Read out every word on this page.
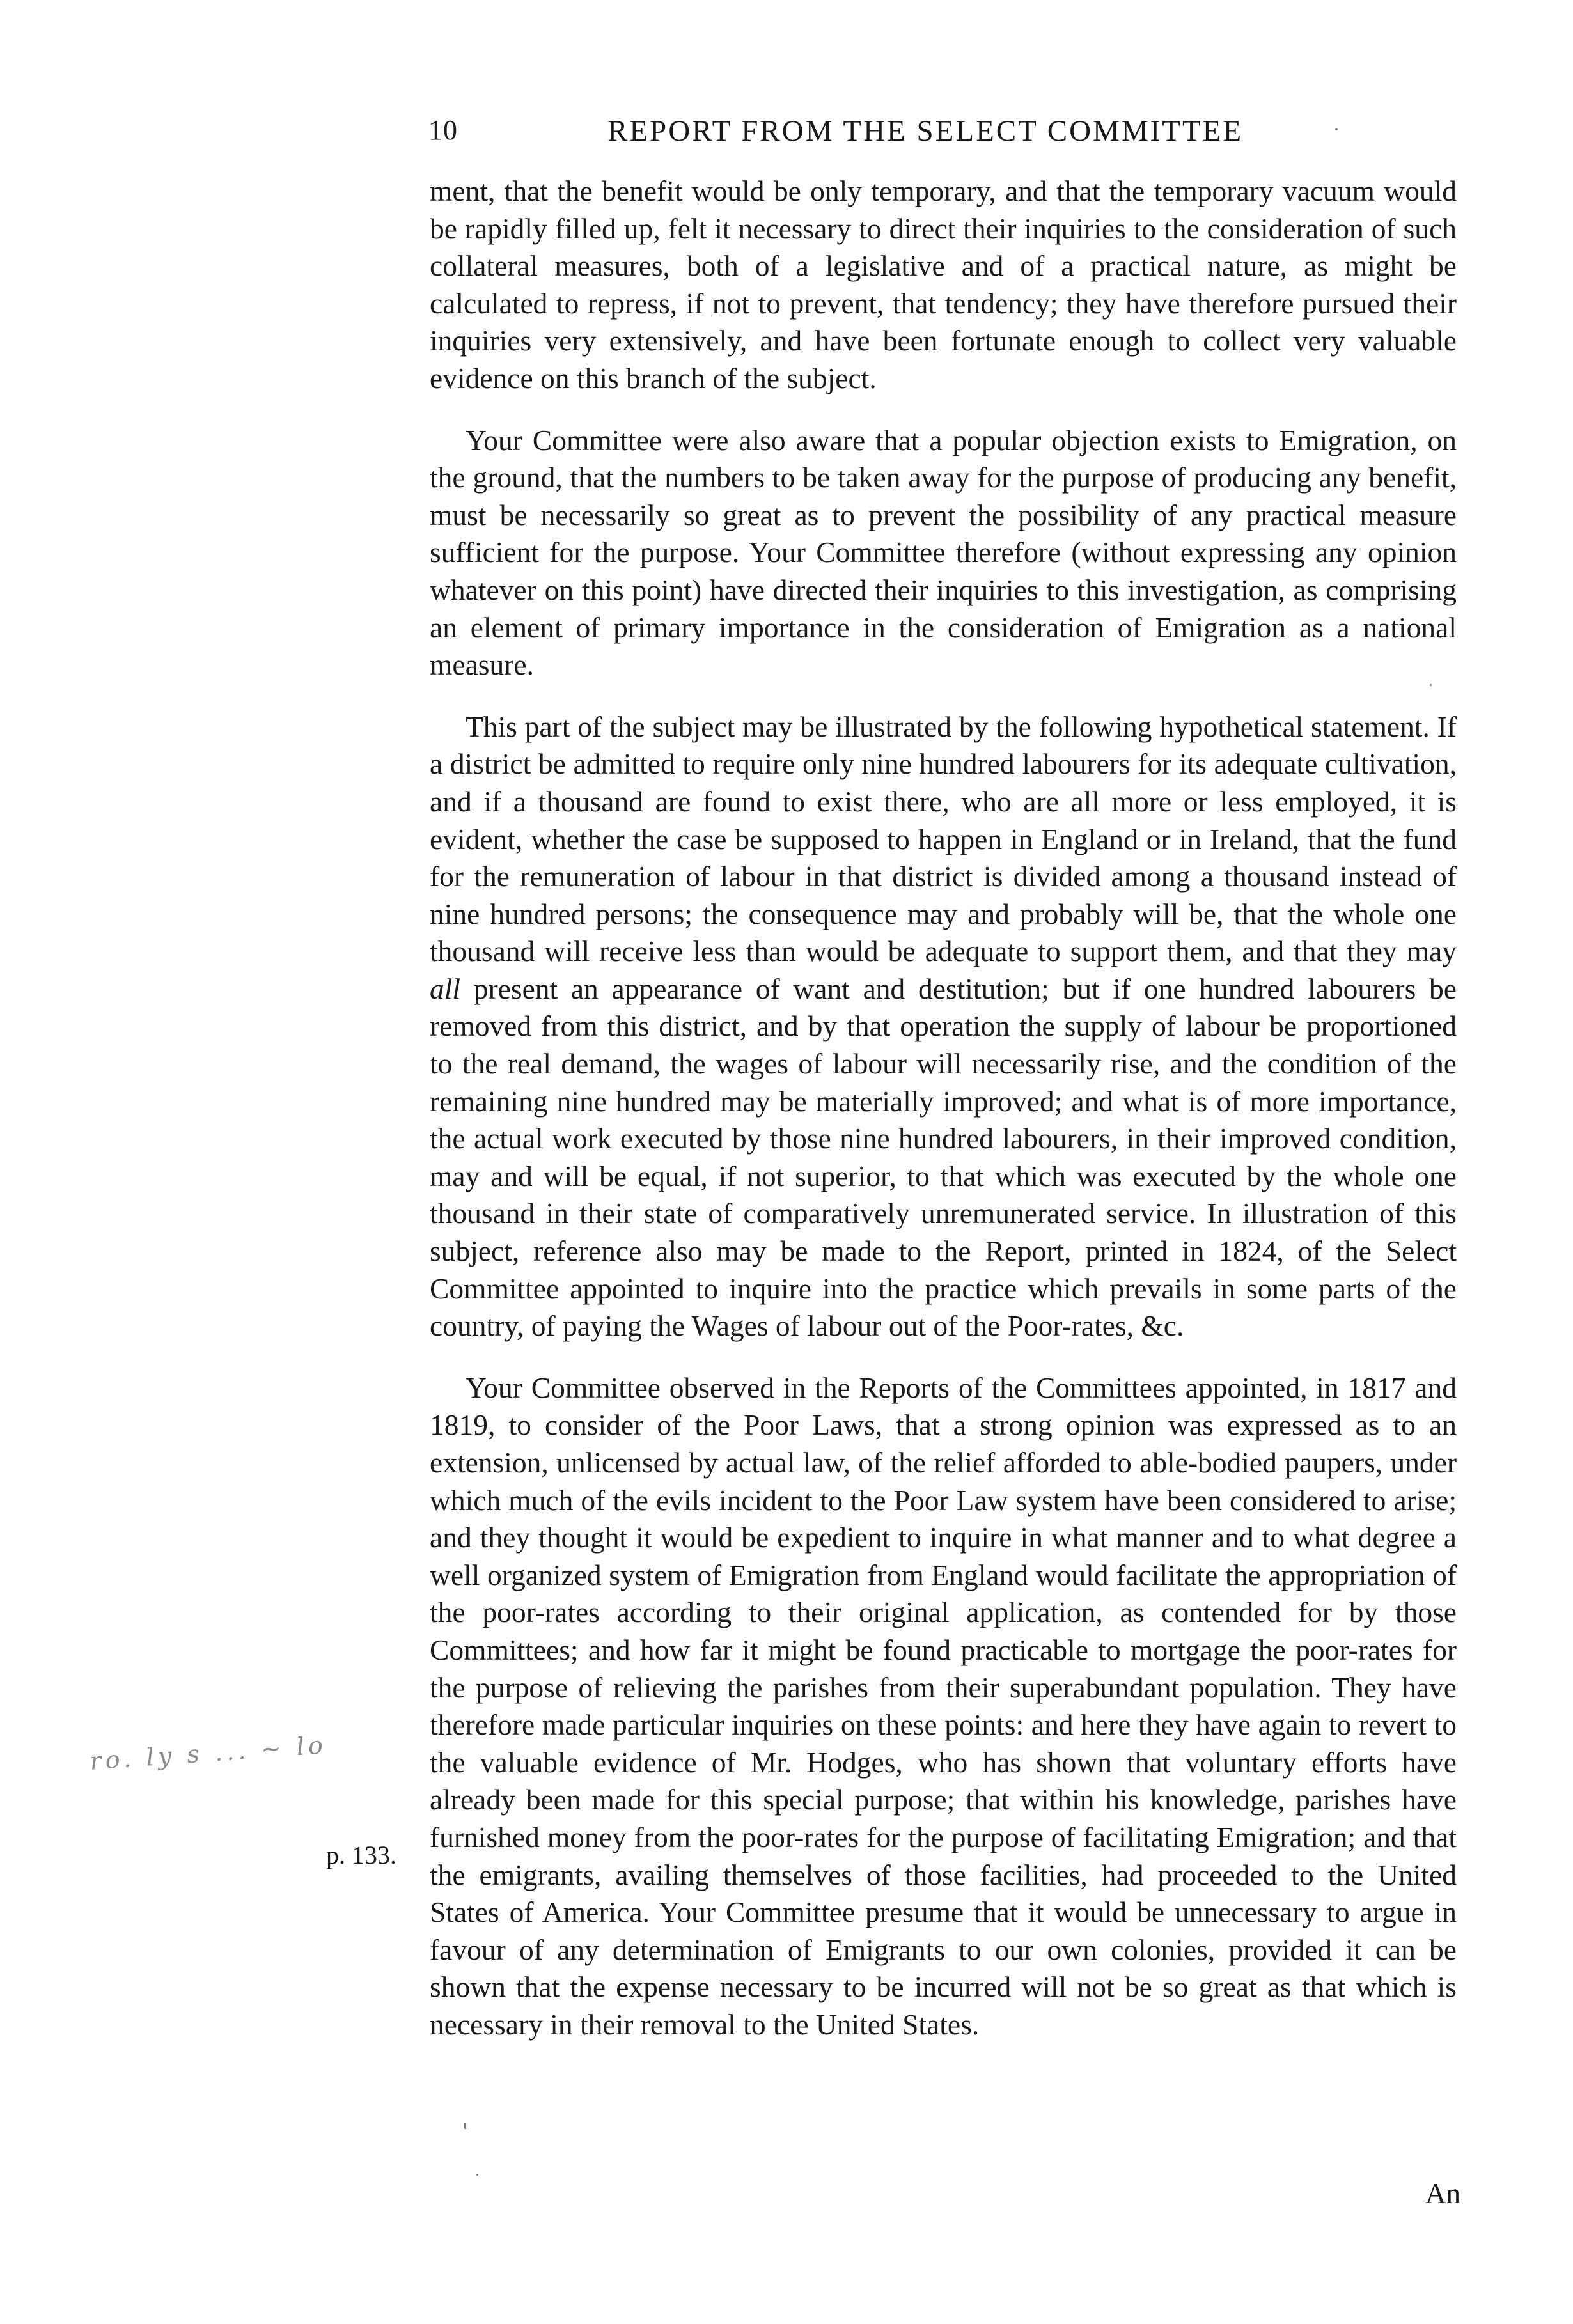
10	REPORT FROM THE SELECT COMMITTEE

ment, that the benefit would be only temporary, and that the temporary vacuum would be rapidly filled up, felt it necessary to direct their inquiries to the consideration of such collateral measures, both of a legislative and of a practical nature, as might be calculated to repress, if not to prevent, that tendency; they have therefore pursued their inquiries very extensively, and have been fortunate enough to collect very valuable evidence on this branch of the subject.

Your Committee were also aware that a popular objection exists to Emigration, on the ground, that the numbers to be taken away for the purpose of producing any benefit, must be necessarily so great as to prevent the possibility of any practical measure sufficient for the purpose. Your Committee therefore (without expressing any opinion whatever on this point) have directed their inquiries to this investigation, as comprising an element of primary importance in the consideration of Emigration as a national measure.

This part of the subject may be illustrated by the following hypothetical statement. If a district be admitted to require only nine hundred labourers for its adequate cultivation, and if a thousand are found to exist there, who are all more or less employed, it is evident, whether the case be supposed to happen in England or in Ireland, that the fund for the remuneration of labour in that district is divided among a thousand instead of nine hundred persons; the consequence may and probably will be, that the whole one thousand will receive less than would be adequate to support them, and that they may all present an appearance of want and destitution; but if one hundred labourers be removed from this district, and by that operation the supply of labour be proportioned to the real demand, the wages of labour will necessarily rise, and the condition of the remaining nine hundred may be materially improved; and what is of more importance, the actual work executed by those nine hundred labourers, in their improved condition, may and will be equal, if not superior, to that which was executed by the whole one thousand in their state of comparatively unremunerated service. In illustration of this subject, reference also may be made to the Report, printed in 1824, of the Select Committee appointed to inquire into the practice which prevails in some parts of the country, of paying the Wages of labour out of the Poor-rates, &c.

Your Committee observed in the Reports of the Committees appointed, in 1817 and 1819, to consider of the Poor Laws, that a strong opinion was expressed as to an extension, unlicensed by actual law, of the relief afforded to able-bodied paupers, under which much of the evils incident to the Poor Law system have been considered to arise; and they thought it would be expedient to inquire in what manner and to what degree a well organized system of Emigration from England would facilitate the appropriation of the poor-rates according to their original application, as contended for by those Committees; and how far it might be found practicable to mortgage the poor-rates for the purpose of relieving the parishes from their superabundant population. They have therefore made particular inquiries on these points: and here they have again to revert to the valuable evidence of Mr. Hodges, who has shown that voluntary efforts have already been made for this special purpose; that within his knowledge, parishes have furnished money from the poor-rates for the purpose of facilitating Emigration; and that the emigrants, availing themselves of those facilities, had proceeded to the United States of America. Your Committee presume that it would be unnecessary to argue in favour of any determination of Emigrants to our own colonies, provided it can be shown that the expense necessary to be incurred will not be so great as that which is necessary in their removal to the United States.

ro. ly s ... ~ lo
p. 133.
An
